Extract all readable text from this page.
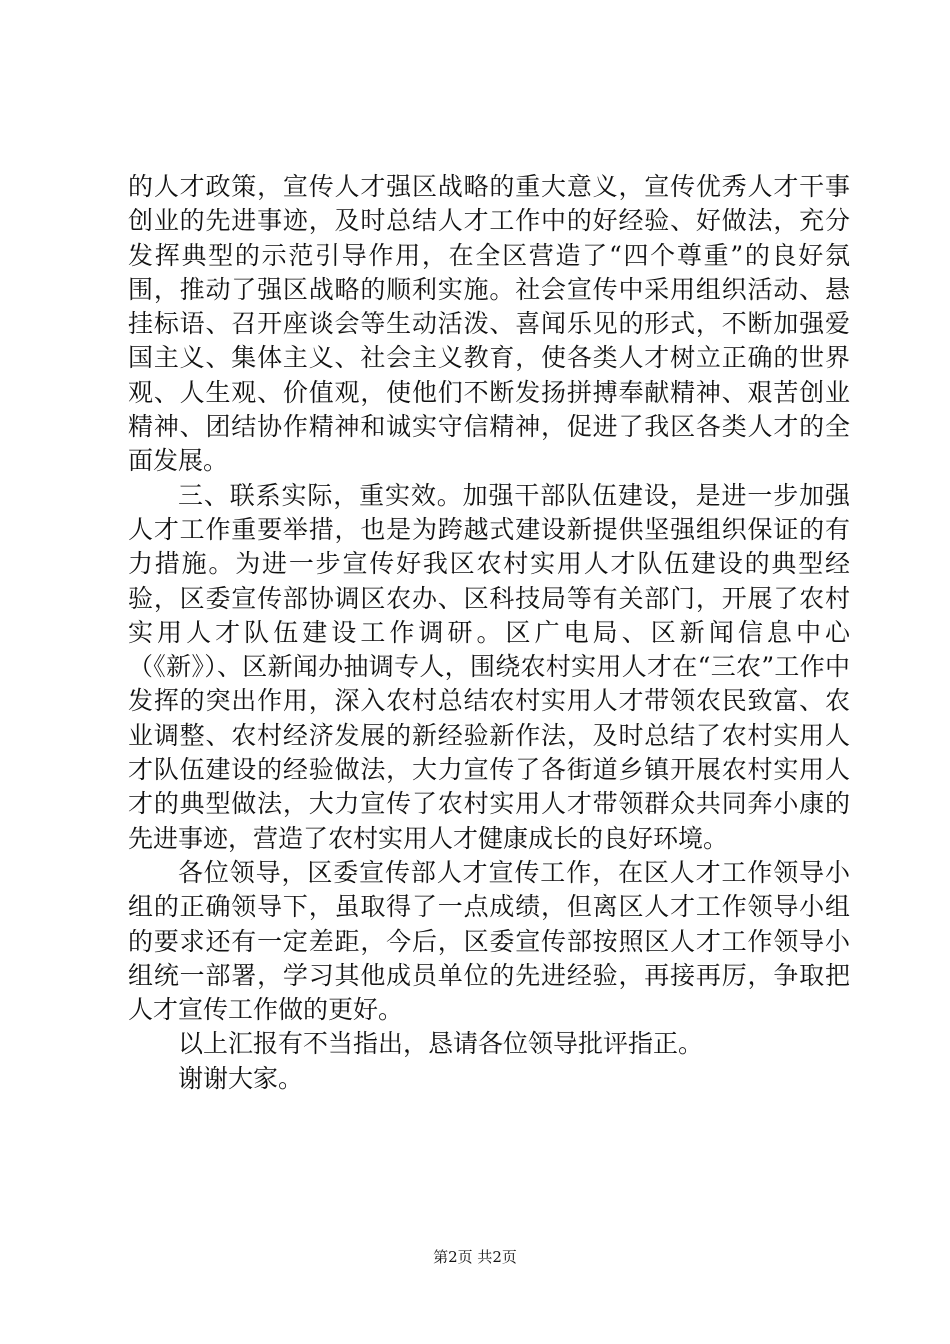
的人才政策，宣传人才强区战略的重大意义，宣传优秀人才干事创业的先进事迹，及时总结人才工作中的好经验、好做法，充分发挥典型的示范引导作用，在全区营造了“四个尊重”的良好氛围，推动了强区战略的顺利实施。社会宣传中采用组织活动、悬挂标语、召开座谈会等生动活泼、喜闻乐见的形式，不断加强爱国主义、集体主义、社会主义教育，使各类人才树立正确的世界观、人生观、价值观，使他们不断发扬拼搏奉献精神、艰苦创业精神、团结协作精神和诚实守信精神，促进了我区各类人才的全面发展。

三、联系实际，重实效。加强干部队伍建设，是进一步加强人才工作重要举措，也是为跨越式建设新提供坚强组织保证的有力措施。为进一步宣传好我区农村实用人才队伍建设的典型经验，区委宣传部协调区农办、区科技局等有关部门，开展了农村实用人才队伍建设工作调研。区广电局、区新闻信息中心（《新》）、区新闻办抽调专人，围绕农村实用人才在“三农”工作中发挥的突出作用，深入农村总结农村实用人才带领农民致富、农业调整、农村经济发展的新经验新作法，及时总结了农村实用人才队伍建设的经验做法，大力宣传了各街道乡镇开展农村实用人才的典型做法，大力宣传了农村实用人才带领群众共同奔小康的先进事迹，营造了农村实用人才健康成长的良好环境。

各位领导，区委宣传部人才宣传工作，在区人才工作领导小组的正确领导下，虽取得了一点成绩，但离区人才工作领导小组的要求还有一定差距，今后，区委宣传部按照区人才工作领导小组统一部署，学习其他成员单位的先进经验，再接再厉，争取把人才宣传工作做的更好。

以上汇报有不当指出，恳请各位领导批评指正。

谢谢大家。

第2页 共2页
